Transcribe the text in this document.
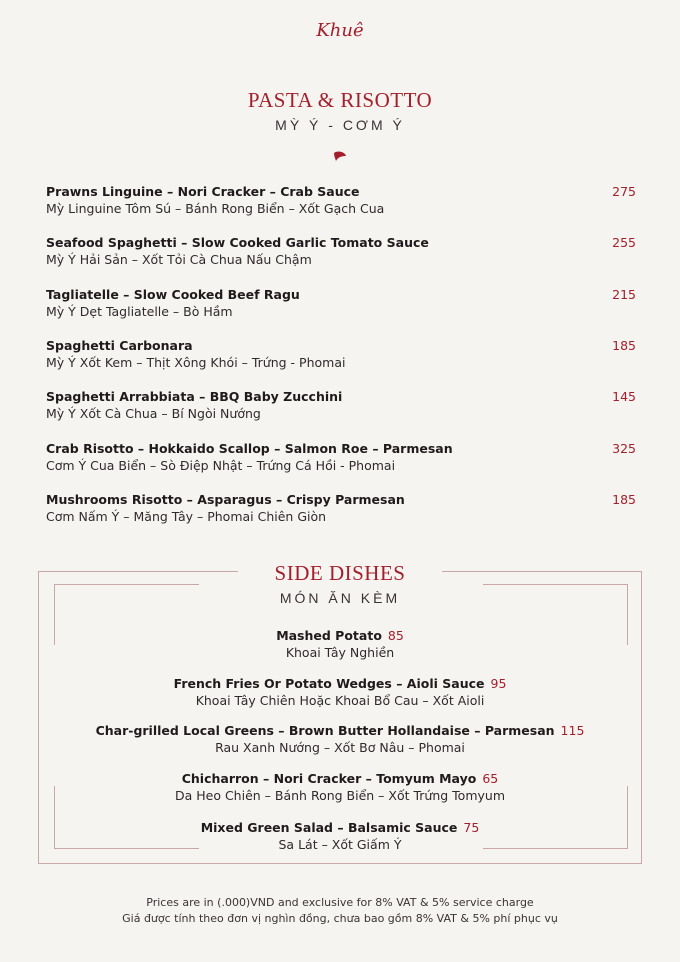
Khuê
PASTA & RISOTTO
MỲ Ý - CƠM Ý
Prawns Linguine – Nori Cracker – Crab Sauce
Mỳ Linguine Tôm Sú – Bánh Rong Biển – Xốt Gạch Cua
275
Seafood Spaghetti – Slow Cooked Garlic Tomato Sauce
Mỳ Ý Hải Sản – Xốt Tỏi Cà Chua Nấu Chậm
255
Tagliatelle – Slow Cooked Beef Ragu
Mỳ Ý Dẹt Tagliatelle – Bò Hầm
215
Spaghetti Carbonara
Mỳ Ý Xốt Kem – Thịt Xông Khói – Trứng - Phomai
185
Spaghetti Arrabbiata – BBQ Baby Zucchini
Mỳ Ý Xốt Cà Chua – Bí Ngòi Nướng
145
Crab Risotto – Hokkaido Scallop – Salmon Roe – Parmesan
Cơm Ý Cua Biển – Sò Điệp Nhật – Trứng Cá Hồi - Phomai
325
Mushrooms Risotto – Asparagus – Crispy Parmesan
Cơm Nấm Ý – Măng Tây – Phomai Chiên Giòn
185
SIDE DISHES
MÓN ĂN KÈM
Mashed Potato 85
Khoai Tây Nghiền
French Fries Or Potato Wedges – Aioli Sauce 95
Khoai Tây Chiên Hoặc Khoai Bổ Cau – Xốt Aioli
Char-grilled Local Greens – Brown Butter Hollandaise – Parmesan 115
Rau Xanh Nướng – Xốt Bơ Nâu – Phomai
Chicharron – Nori Cracker – Tomyum Mayo 65
Da Heo Chiên – Bánh Rong Biển – Xốt Trứng Tomyum
Mixed Green Salad – Balsamic Sauce 75
Sa Lát – Xốt Giấm Ý
Prices are in (.000)VND and exclusive for 8% VAT & 5% service charge
Giá được tính theo đơn vị nghìn đồng, chưa bao gồm 8% VAT & 5% phí phục vụ
